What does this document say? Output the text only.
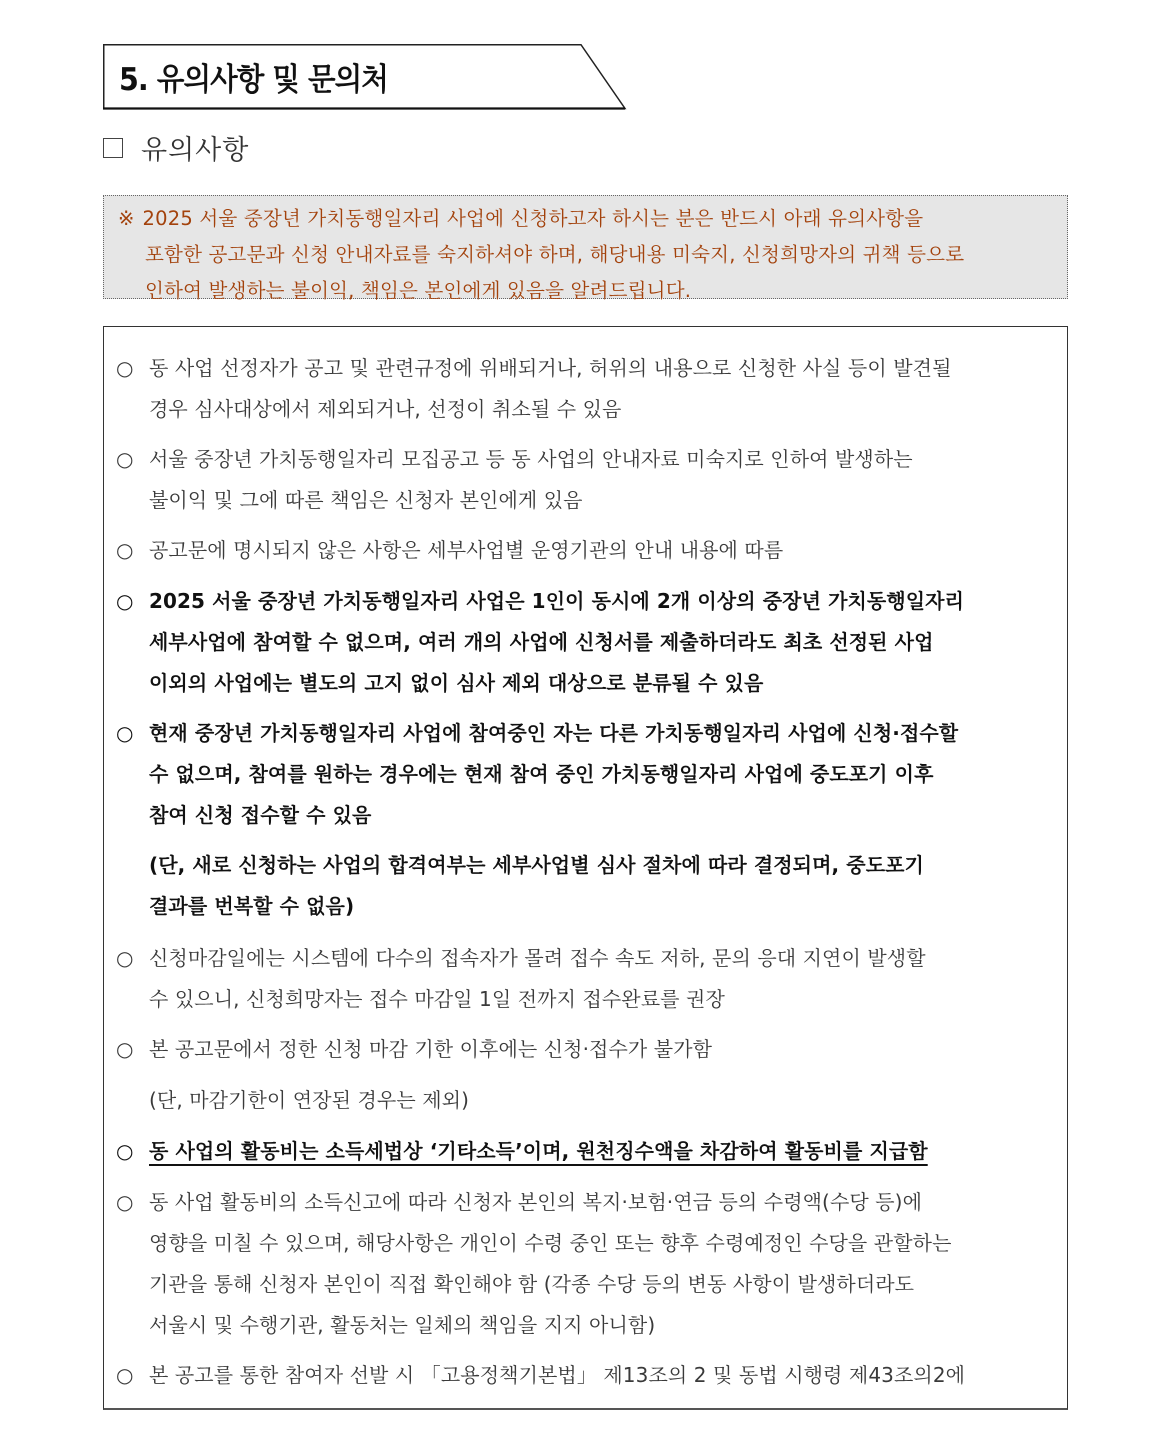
5. 유의사항 및 문의처
유의사항
※ 2025 서울 중장년 가치동행일자리 사업에 신청하고자 하시는 분은 반드시 아래 유의사항을
포함한 공고문과 신청 안내자료를 숙지하셔야 하며, 해당내용 미숙지, 신청희망자의 귀책 등으로
인하여 발생하는 불이익, 책임은 본인에게 있음을 알려드립니다.
○ 동 사업 선정자가 공고 및 관련규정에 위배되거나, 허위의 내용으로 신청한 사실 등이 발견될
경우 심사대상에서 제외되거나, 선정이 취소될 수 있음
○ 서울 중장년 가치동행일자리 모집공고 등 동 사업의 안내자료 미숙지로 인하여 발생하는
불이익 및 그에 따른 책임은 신청자 본인에게 있음
○ 공고문에 명시되지 않은 사항은 세부사업별 운영기관의 안내 내용에 따름
○ 2025 서울 중장년 가치동행일자리 사업은 1인이 동시에 2개 이상의 중장년 가치동행일자리
세부사업에 참여할 수 없으며, 여러 개의 사업에 신청서를 제출하더라도 최초 선정된 사업
이외의 사업에는 별도의 고지 없이 심사 제외 대상으로 분류될 수 있음
○ 현재 중장년 가치동행일자리 사업에 참여중인 자는 다른 가치동행일자리 사업에 신청·접수할
수 없으며, 참여를 원하는 경우에는 현재 참여 중인 가치동행일자리 사업에 중도포기 이후
참여 신청 접수할 수 있음
(단, 새로 신청하는 사업의 합격여부는 세부사업별 심사 절차에 따라 결정되며, 중도포기
결과를 번복할 수 없음)
○ 신청마감일에는 시스템에 다수의 접속자가 몰려 접수 속도 저하, 문의 응대 지연이 발생할
수 있으니, 신청희망자는 접수 마감일 1일 전까지 접수완료를 권장
○ 본 공고문에서 정한 신청 마감 기한 이후에는 신청·접수가 불가함
(단, 마감기한이 연장된 경우는 제외)
○ 동 사업의 활동비는 소득세법상 ‘기타소득’이며, 원천징수액을 차감하여 활동비를 지급함
○ 동 사업 활동비의 소득신고에 따라 신청자 본인의 복지·보험·연금 등의 수령액(수당 등)에
영향을 미칠 수 있으며, 해당사항은 개인이 수령 중인 또는 향후 수령예정인 수당을 관할하는
기관을 통해 신청자 본인이 직접 확인해야 함 (각종 수당 등의 변동 사항이 발생하더라도
서울시 및 수행기관, 활동처는 일체의 책임을 지지 아니함)
○ 본 공고를 통한 참여자 선발 시 「고용정책기본법」 제13조의 2 및 동법 시행령 제43조의2에
